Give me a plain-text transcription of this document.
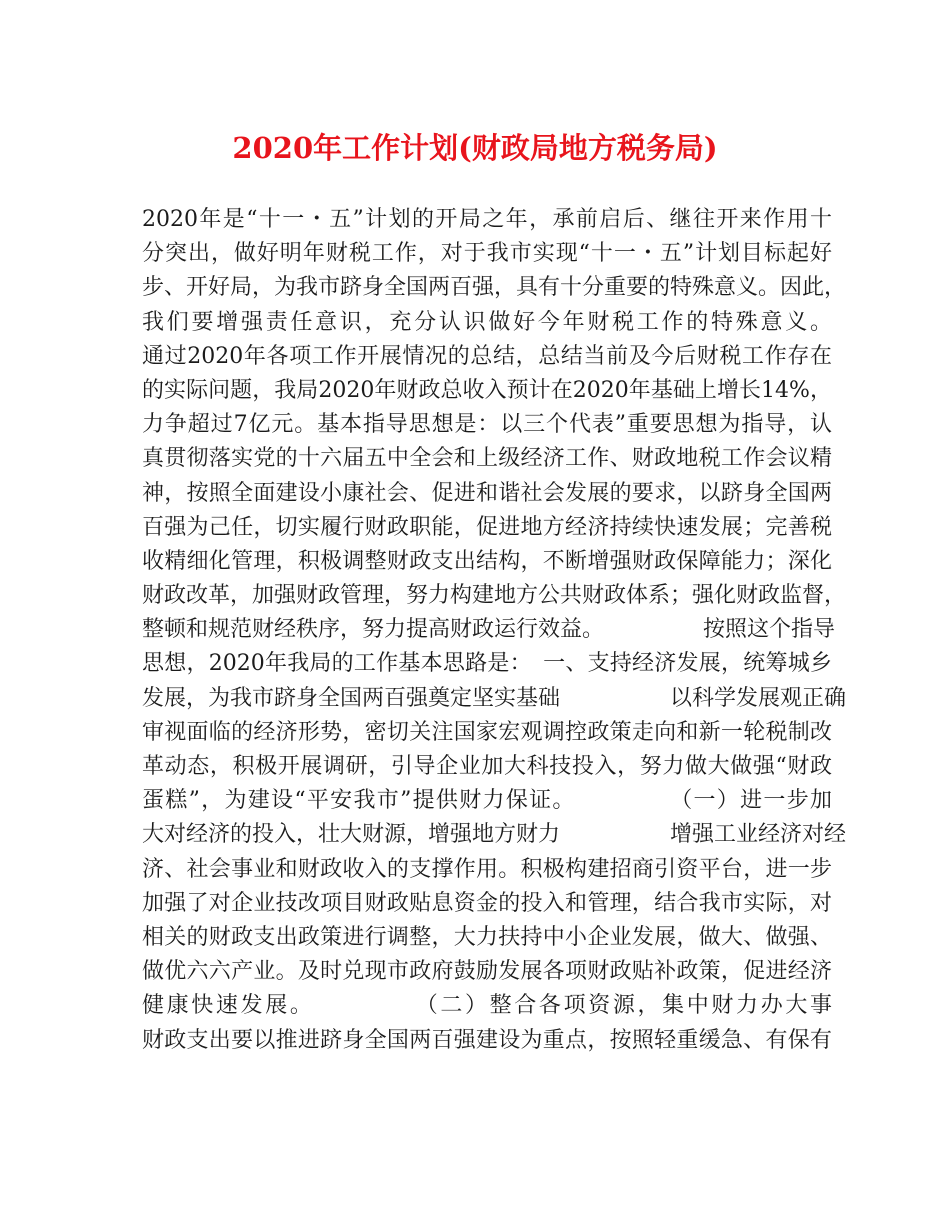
2020年工作计划(财政局地方税务局)
2020年是“十一・五”计划的开局之年，承前启后、继往开来作用十
分突出，做好明年财税工作，对于我市实现“十一・五”计划目标起好
步、开好局，为我市跻身全国两百强，具有十分重要的特殊意义。因此，
我们要增强责任意识，充分认识做好今年财税工作的特殊意义。
通过2020年各项工作开展情况的总结，总结当前及今后财税工作存在
的实际问题，我局2020年财政总收入预计在2020年基础上增长14%，
力争超过7亿元。基本指导思想是：以三个代表”重要思想为指导，认
真贯彻落实党的十六届五中全会和上级经济工作、财政地税工作会议精
神，按照全面建设小康社会、促进和谐社会发展的要求，以跻身全国两
百强为己任，切实履行财政职能，促进地方经济持续快速发展；完善税
收精细化管理，积极调整财政支出结构，不断增强财政保障能力；深化
财政改革，加强财政管理，努力构建地方公共财政体系；强化财政监督，
整顿和规范财经秩序，努力提高财政运行效益。　　　　　按照这个指导
思想，2020年我局的工作基本思路是：　一、支持经济发展，统筹城乡
发展，为我市跻身全国两百强奠定坚实基础　　　　　以科学发展观正确
审视面临的经济形势，密切关注国家宏观调控政策走向和新一轮税制改
革动态，积极开展调研，引导企业加大科技投入，努力做大做强“财政
蛋糕”，为建设“平安我市”提供财力保证。　　　　　（一）进一步加
大对经济的投入，壮大财源，增强地方财力　　　　　增强工业经济对经
济、社会事业和财政收入的支撑作用。积极构建招商引资平台，进一步
加强了对企业技改项目财政贴息资金的投入和管理，结合我市实际，对
相关的财政支出政策进行调整，大力扶持中小企业发展，做大、做强、
做优六六产业。及时兑现市政府鼓励发展各项财政贴补政策，促进经济
健康快速发展。　　　　　（二）整合各项资源，集中财力办大事
财政支出要以推进跻身全国两百强建设为重点，按照轻重缓急、有保有
